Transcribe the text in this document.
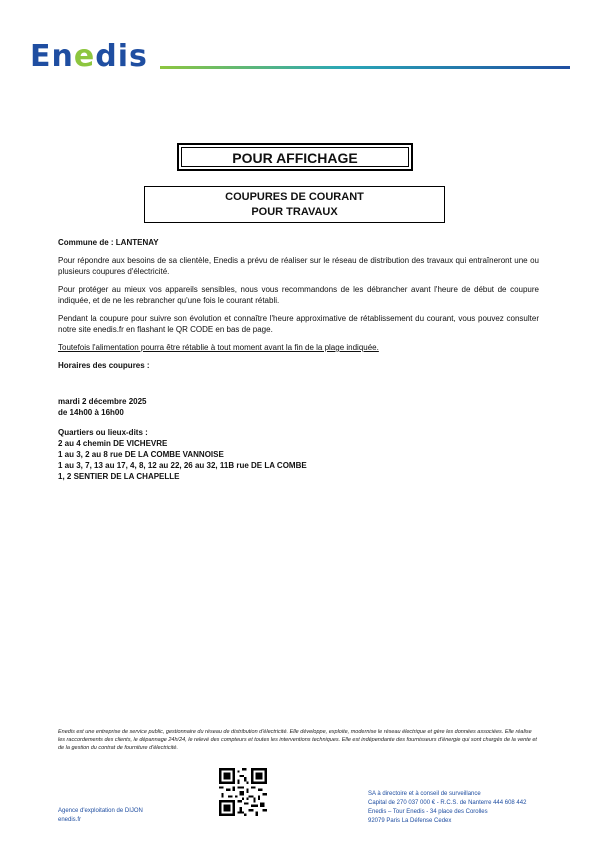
Enedis
POUR AFFICHAGE
COUPURES DE COURANT
POUR TRAVAUX

Commune de : LANTENAY

Pour répondre aux besoins de sa clientèle, Enedis a prévu de réaliser sur le réseau de distribution des travaux qui entraîneront une ou plusieurs coupures d'électricité.

Pour protéger au mieux vos appareils sensibles, nous vous recommandons de les débrancher avant l'heure de début de coupure indiquée, et de ne les rebrancher qu'une fois le courant rétabli.

Pendant la coupure pour suivre son évolution et connaître l'heure approximative de rétablissement du courant, vous pouvez consulter notre site enedis.fr en flashant le QR CODE en bas de page.

Toutefois l'alimentation pourra être rétablie à tout moment avant la fin de la plage indiquée.

Horaires des coupures :

mardi 2 décembre 2025
de 14h00 à 16h00
Quartiers ou lieux-dits :
2 au 4 chemin DE VICHEVRE
1 au 3, 2 au 8 rue DE LA COMBE VANNOISE
1 au 3, 7, 13 au 17, 4, 8, 12 au 22, 26 au 32, 11B rue DE LA COMBE
1, 2 SENTIER DE LA CHAPELLE
Enedis est une entreprise de service public, gestionnaire du réseau de distribution d'électricité. Elle développe, exploite, modernise le réseau électrique et gère les données associées. Elle réalise les raccordements des clients, le dépannage 24h/24, le relevé des compteurs et toutes les interventions techniques. Elle est indépendante des fournisseurs d'énergie qui sont chargés de la vente et de la gestion du contrat de fourniture d'électricité.
Agence d'exploitation de DIJON
enedis.fr
SA à directoire et à conseil de surveillance
Capital de 270 037 000 € - R.C.S. de Nanterre 444 608 442
Enedis – Tour Enedis - 34 place des Corolles
92079 Paris La Défense Cedex
